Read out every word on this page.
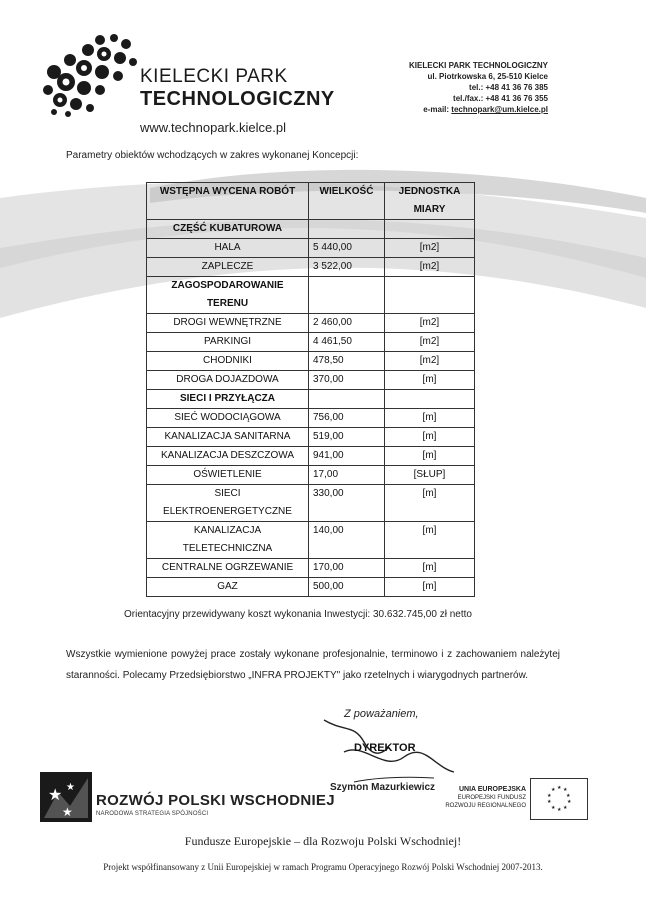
KIELECKI PARK
TECHNOLOGICZNY
www.technopark.kielce.pl
KIELECKI PARK TECHNOLOGICZNY
ul. Piotrkowska 6, 25-510 Kielce
tel.: +48 41 36 76 385
tel./fax.: +48 41 36 76 355
e-mail: technopark@um.kielce.pl
Parametry obiektów wchodzących w zakres wykonanej Koncepcji:
WSTĘPNA WYCENA ROBÓT	WIELKOŚĆ	JEDNOSTKA MIARY
CZĘŚĆ KUBATUROWA		
HALA	5 440,00	[m2]
ZAPLECZE	3 522,00	[m2]
ZAGOSPODAROWANIE TERENU		
DROGI WEWNĘTRZNE	2 460,00	[m2]
PARKINGI	4 461,50	[m2]
CHODNIKI	478,50	[m2]
DROGA DOJAZDOWA	370,00	[m]
SIECI I PRZYŁĄCZA		
SIEĆ WODOCIĄGOWA	756,00	[m]
KANALIZACJA SANITARNA	519,00	[m]
KANALIZACJA DESZCZOWA	941,00	[m]
OŚWIETLENIE	17,00	[SŁUP]
SIECI ELEKTROENERGETYCZNE	330,00	[m]
KANALIZACJA TELETECHNICZNA	140,00	[m]
CENTRALNE OGRZEWANIE	170,00	[m]
GAZ	500,00	[m]
Orientacyjny przewidywany koszt wykonania Inwestycji: 30.632.745,00 zł netto
Wszystkie wymienione powyżej prace zostały wykonane profesjonalnie, terminowo i z zachowaniem należytej staranności. Polecamy Przedsiębiorstwo „INFRA PROJEKTY" jako rzetelnych i wiarygodnych partnerów.
Z poważaniem,
DYREKTOR
Szymon Mazurkiewicz
★ ★
★
ROZWÓJ POLSKI WSCHODNIEJ
NARODOWA STRATEGIA SPÓJNOŚCI
UNIA EUROPEJSKA
EUROPEJSKI FUNDUSZ
ROZWOJU REGIONALNEGO
★ ★
★
★
★
★
★
★
★
★
Fundusze Europejskie – dla Rozwoju Polski Wschodniej!
Projekt współfinansowany z Unii Europejskiej w ramach Programu Operacyjnego Rozwój Polski Wschodniej 2007-2013.
